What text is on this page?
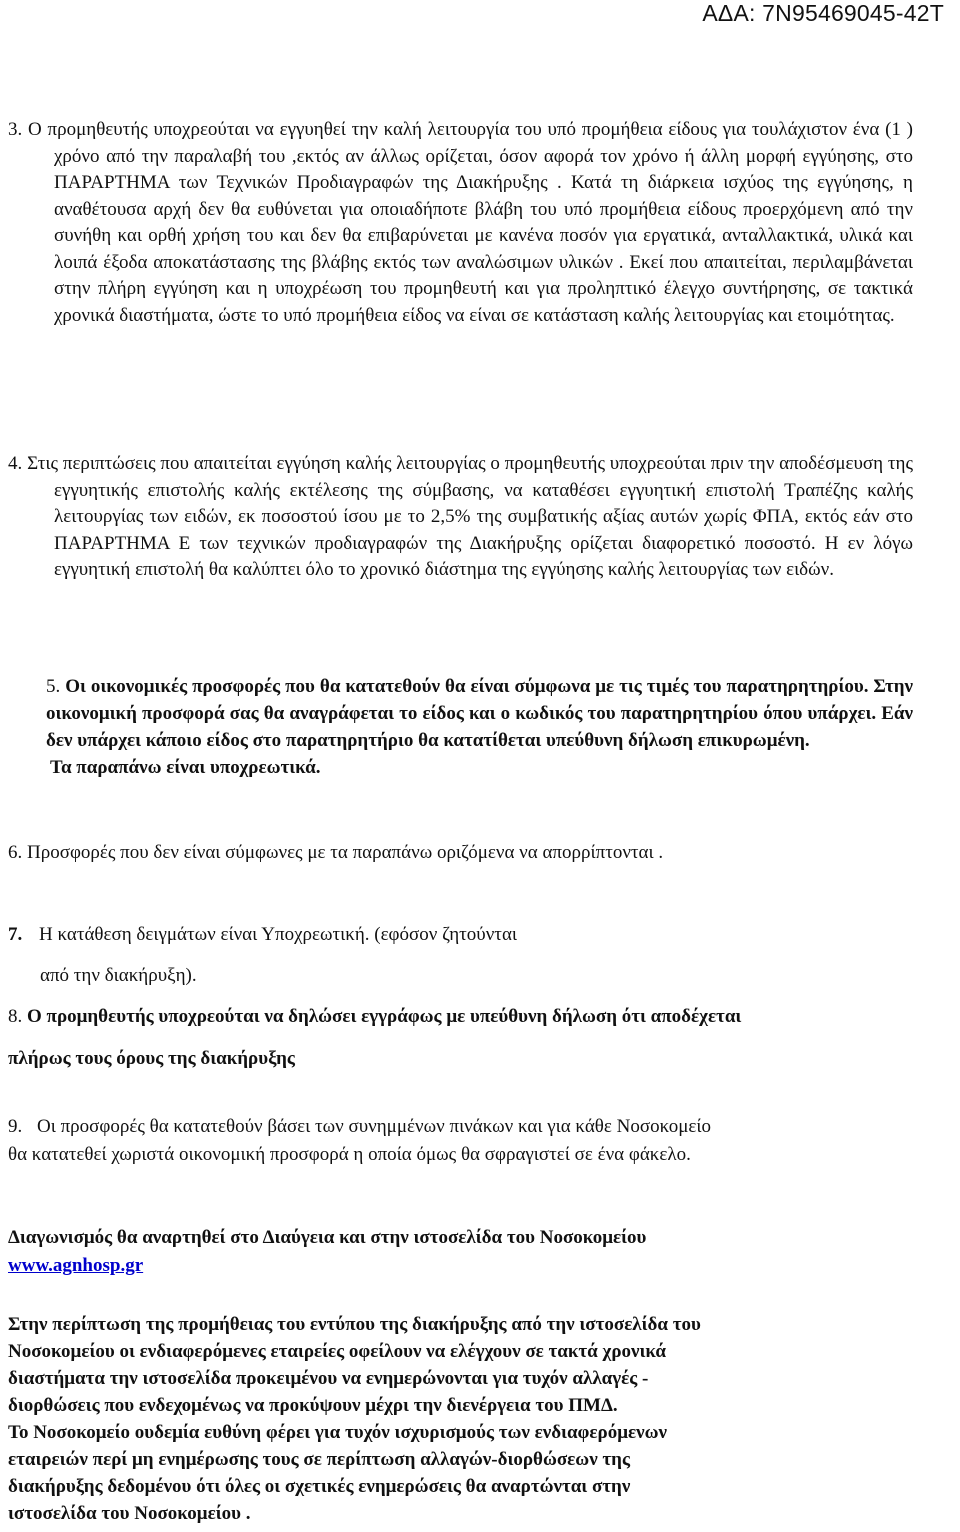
ΑΔΑ: 7Ν95469045-42Τ
3. Ο προμηθευτής υποχρεούται να εγγυηθεί την καλή λειτουργία του υπό προμήθεια είδους για τουλάχιστον ένα (1 ) χρόνο από την παραλαβή του ,εκτός αν άλλως ορίζεται, όσον αφορά τον χρόνο ή άλλη μορφή εγγύησης, στο ΠΑΡΑΡΤΗΜΑ των Τεχνικών Προδιαγραφών της Διακήρυξης . Κατά τη διάρκεια ισχύος της εγγύησης, η αναθέτουσα αρχή δεν θα ευθύνεται για οποιαδήποτε βλάβη του υπό προμήθεια είδους προερχόμενη από την συνήθη και ορθή χρήση του και δεν θα επιβαρύνεται με κανένα ποσόν για εργατικά, ανταλλακτικά, υλικά και λοιπά έξοδα αποκατάστασης της βλάβης εκτός των αναλώσιμων υλικών . Εκεί που απαιτείται, περιλαμβάνεται στην πλήρη εγγύηση και η υποχρέωση του προμηθευτή και για προληπτικό έλεγχο συντήρησης, σε τακτικά χρονικά διαστήματα, ώστε το υπό προμήθεια είδος να είναι σε κατάσταση καλής λειτουργίας και ετοιμότητας.
4. Στις περιπτώσεις που απαιτείται εγγύηση καλής λειτουργίας ο προμηθευτής υποχρεούται πριν την αποδέσμευση της εγγυητικής επιστολής καλής εκτέλεσης της σύμβασης, να καταθέσει εγγυητική επιστολή Τραπέζης καλής λειτουργίας των ειδών, εκ ποσοστού ίσου με το 2,5% της συμβατικής αξίας αυτών χωρίς ΦΠΑ, εκτός εάν στο ΠΑΡΑΡΤΗΜΑ Ε των τεχνικών προδιαγραφών της Διακήρυξης ορίζεται διαφορετικό ποσοστό. Η εν λόγω εγγυητική επιστολή θα καλύπτει όλο το χρονικό διάστημα της εγγύησης καλής λειτουργίας των ειδών.
5. Οι οικονομικές προσφορές που θα κατατεθούν θα είναι σύμφωνα με τις τιμές του παρατηρητηρίου. Στην οικονομική προσφορά σας θα αναγράφεται το είδος και ο κωδικός του παρατηρητηρίου όπου υπάρχει. Εάν δεν υπάρχει κάποιο είδος στο παρατηρητήριο θα κατατίθεται υπεύθυνη δήλωση επικυρωμένη.
Τα παραπάνω είναι υποχρεωτικά.
6. Προσφορές που δεν είναι σύμφωνες με τα παραπάνω οριζόμενα να απορρίπτονται .
7. Η κατάθεση δειγμάτων είναι Υποχρεωτική. (εφόσον ζητούνται
από την διακήρυξη).
8. Ο προμηθευτής υποχρεούται να δηλώσει εγγράφως με υπεύθυνη δήλωση ότι αποδέχεται
πλήρως τους όρους της διακήρυξης
9. Οι προσφορές θα κατατεθούν βάσει των συνημμένων πινάκων και για κάθε Νοσοκομείο
θα κατατεθεί χωριστά οικονομική προσφορά η οποία όμως θα σφραγιστεί σε ένα φάκελο.
Διαγωνισμός θα αναρτηθεί στο Διαύγεια και στην ιστοσελίδα του Νοσοκομείου
www.agnhosp.gr
Στην περίπτωση της προμήθειας του εντύπου της διακήρυξης από την ιστοσελίδα του
Νοσοκομείου οι ενδιαφερόμενες εταιρείες οφείλουν να ελέγχουν σε τακτά χρονικά
διαστήματα την ιστοσελίδα προκειμένου να ενημερώνονται για τυχόν αλλαγές -
διορθώσεις που ενδεχομένως να προκύψουν μέχρι την διενέργεια του ΠΜΔ.
Το Νοσοκομείο ουδεμία ευθύνη φέρει για τυχόν ισχυρισμούς των ενδιαφερόμενων
εταιρειών περί μη ενημέρωσης τους σε περίπτωση αλλαγών-διορθώσεων της
διακήρυξης δεδομένου ότι όλες οι σχετικές ενημερώσεις θα αναρτώνται στην
ιστοσελίδα του Νοσοκομείου .
